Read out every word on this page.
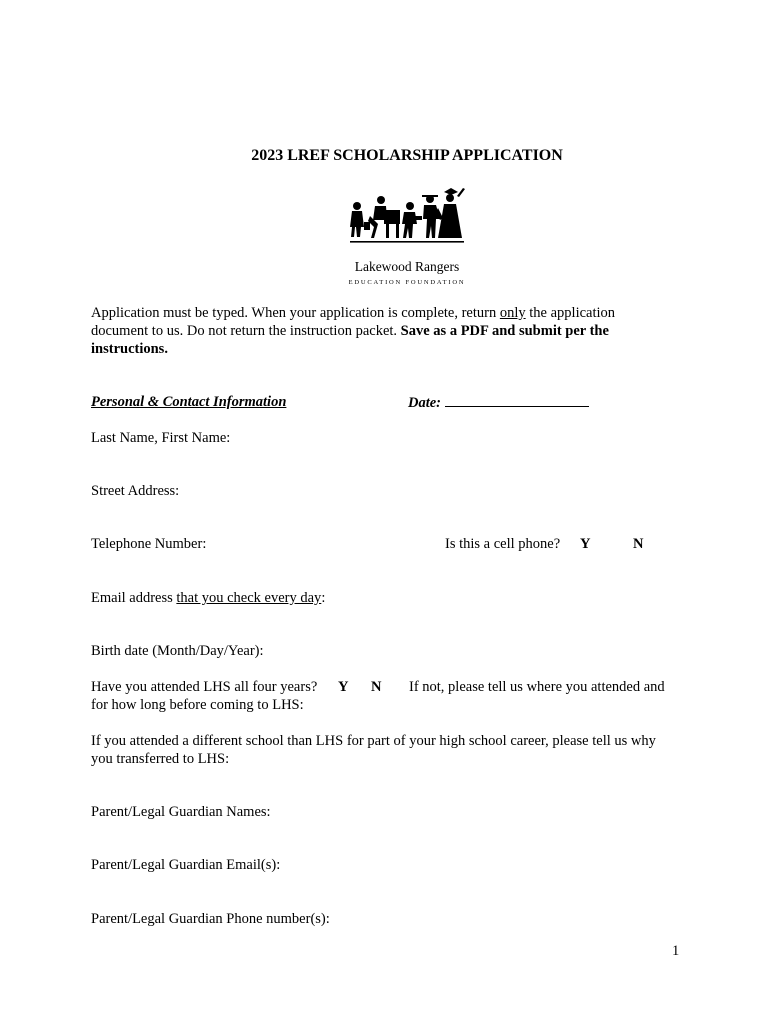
2023 LREF SCHOLARSHIP APPLICATION
Lakewood Rangers
EDUCATION FOUNDATION
Application must be typed. When your application is complete, return only the application document to us. Do not return the instruction packet. Save as a PDF and submit per the instructions.
Personal & Contact Information	Date:
Last Name, First Name:
Street Address:
Telephone Number:	Is this a cell phone? Y	N
Email address that you check every day:
Birth date (Month/Day/Year):
Have you attended LHS all four years? Y N	If not, please tell us where you attended and for how long before coming to LHS:
If you attended a different school than LHS for part of your high school career, please tell us why you transferred to LHS:
Parent/Legal Guardian Names:
Parent/Legal Guardian Email(s):
Parent/Legal Guardian Phone number(s):
1
